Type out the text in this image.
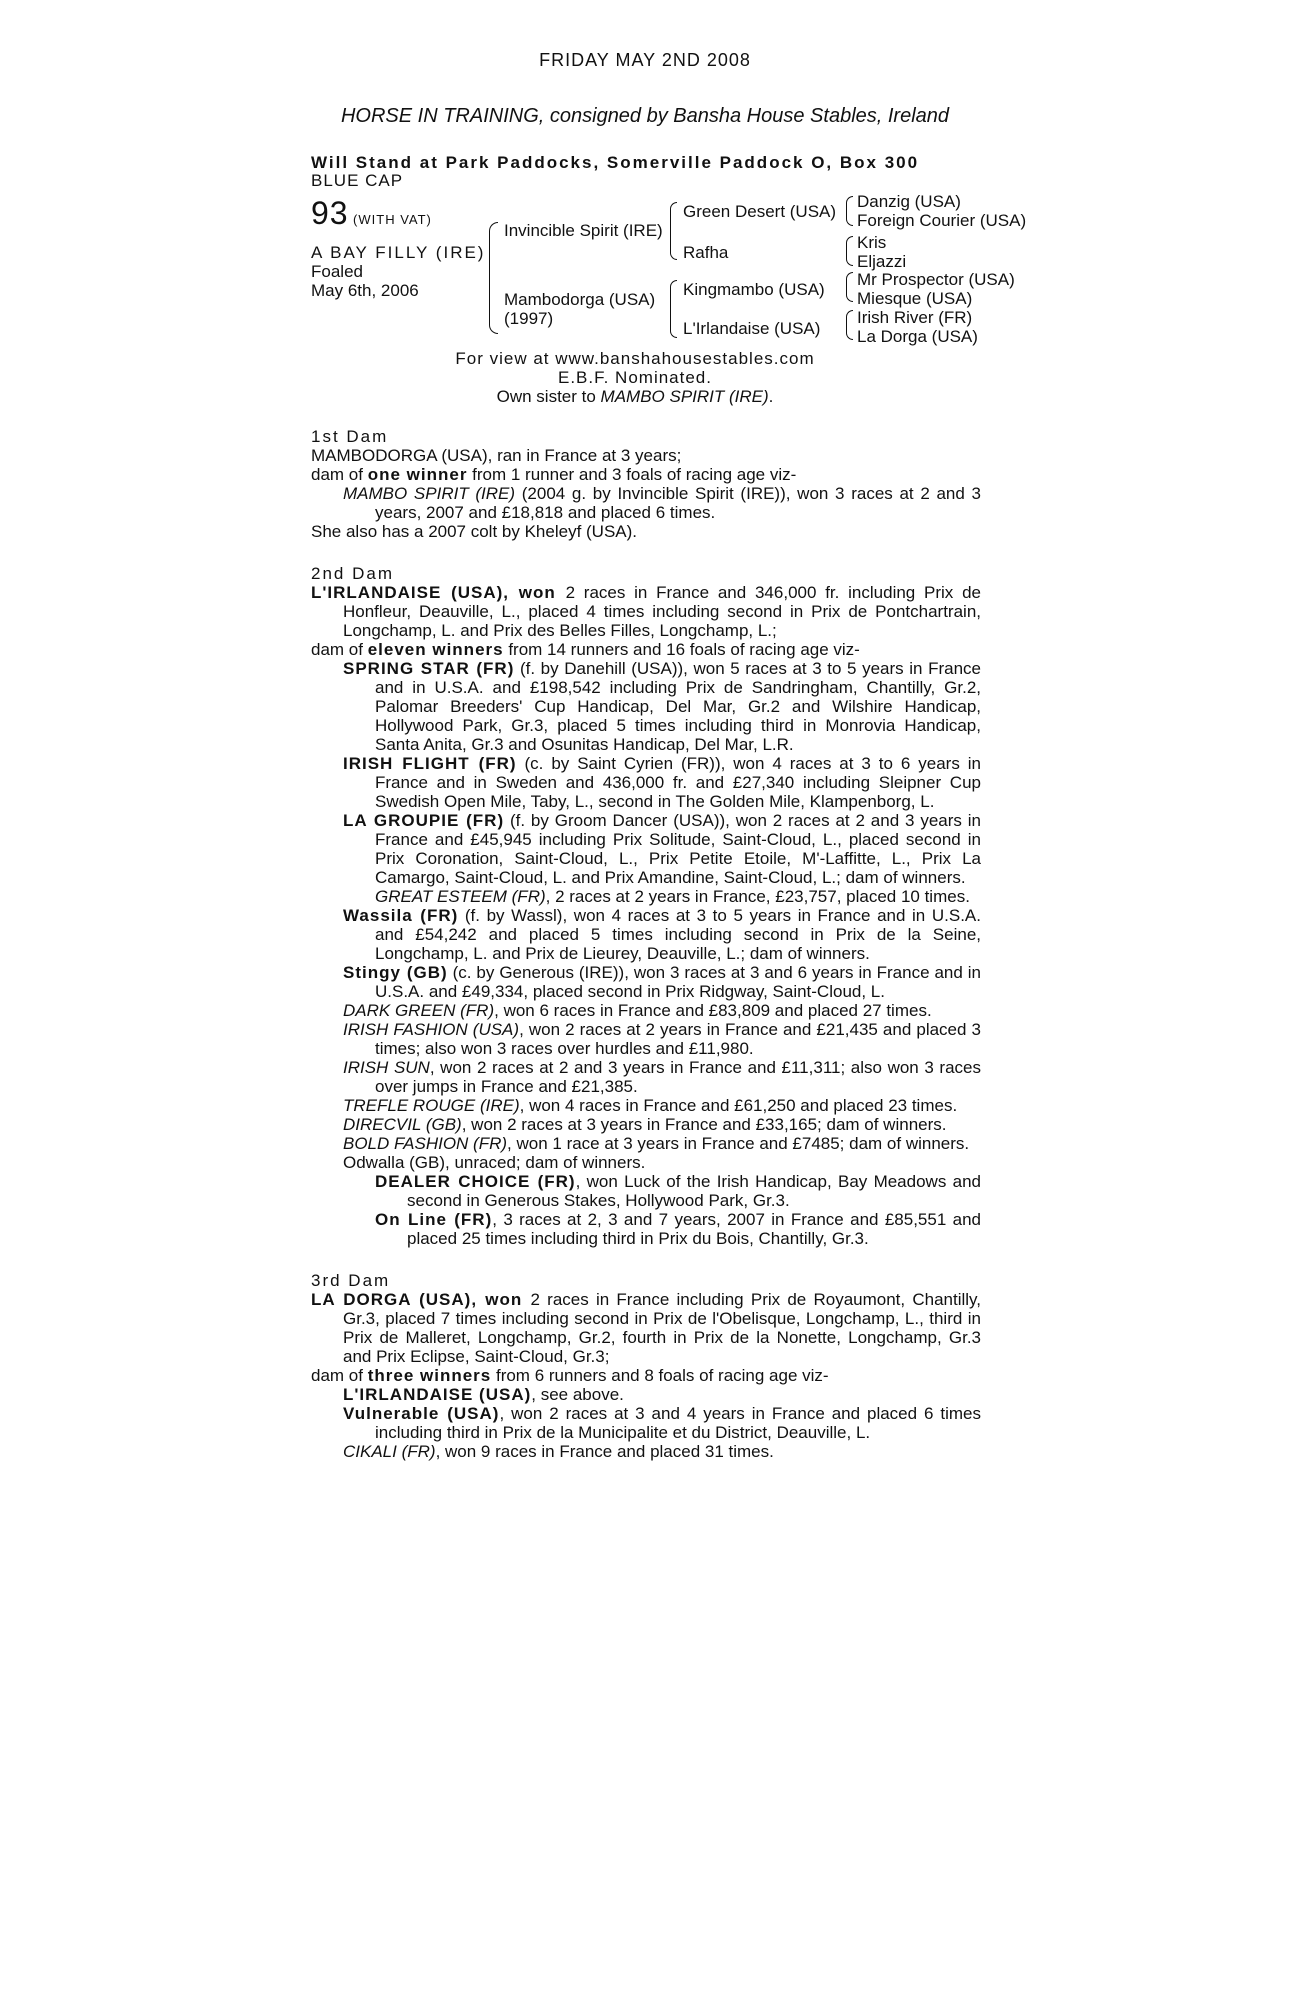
FRIDAY MAY 2ND 2008
HORSE IN TRAINING, consigned by Bansha House Stables, Ireland
Will Stand at Park Paddocks, Somerville Paddock O, Box 300
BLUE CAP
93 (WITH VAT)
A BAY FILLY (IRE)
Foaled
May 6th, 2006
Invincible Spirit (IRE)
Mambodorga (USA)
(1997)
Green Desert (USA)
Rafha
Kingmambo (USA)
L'Irlandaise (USA)
Danzig (USA)
Foreign Courier (USA)
Kris
Eljazzi
Mr Prospector (USA)
Miesque (USA)
Irish River (FR)
La Dorga (USA)
For view at www.banshahousestables.com
E.B.F. Nominated.
Own sister to MAMBO SPIRIT (IRE).

1st Dam

MAMBODORGA (USA), ran in France at 3 years;

dam of one winner from 1 runner and 3 foals of racing age viz-

MAMBO SPIRIT (IRE) (2004 g. by Invincible Spirit (IRE)), won 3 races at 2 and 3 years, 2007 and £18,818 and placed 6 times.

She also has a 2007 colt by Kheleyf (USA).

2nd Dam

L'IRLANDAISE (USA), won 2 races in France and 346,000 fr. including Prix de Honfleur, Deauville, L., placed 4 times including second in Prix de Pontchartrain, Longchamp, L. and Prix des Belles Filles, Longchamp, L.;

dam of eleven winners from 14 runners and 16 foals of racing age viz-

SPRING STAR (FR) (f. by Danehill (USA)), won 5 races at 3 to 5 years in France and in U.S.A. and £198,542 including Prix de Sandringham, Chantilly, Gr.2, Palomar Breeders' Cup Handicap, Del Mar, Gr.2 and Wilshire Handicap, Hollywood Park, Gr.3, placed 5 times including third in Monrovia Handicap, Santa Anita, Gr.3 and Osunitas Handicap, Del Mar, L.R.

IRISH FLIGHT (FR) (c. by Saint Cyrien (FR)), won 4 races at 3 to 6 years in France and in Sweden and 436,000 fr. and £27,340 including Sleipner Cup Swedish Open Mile, Taby, L., second in The Golden Mile, Klampenborg, L.

LA GROUPIE (FR) (f. by Groom Dancer (USA)), won 2 races at 2 and 3 years in France and £45,945 including Prix Solitude, Saint-Cloud, L., placed second in Prix Coronation, Saint-Cloud, L., Prix Petite Etoile, M'-Laffitte, L., Prix La Camargo, Saint-Cloud, L. and Prix Amandine, Saint-Cloud, L.; dam of winners.

GREAT ESTEEM (FR), 2 races at 2 years in France, £23,757, placed 10 times.

Wassila (FR) (f. by Wassl), won 4 races at 3 to 5 years in France and in U.S.A. and £54,242 and placed 5 times including second in Prix de la Seine, Longchamp, L. and Prix de Lieurey, Deauville, L.; dam of winners.

Stingy (GB) (c. by Generous (IRE)), won 3 races at 3 and 6 years in France and in U.S.A. and £49,334, placed second in Prix Ridgway, Saint-Cloud, L.

DARK GREEN (FR), won 6 races in France and £83,809 and placed 27 times.

IRISH FASHION (USA), won 2 races at 2 years in France and £21,435 and placed 3 times; also won 3 races over hurdles and £11,980.

IRISH SUN, won 2 races at 2 and 3 years in France and £11,311; also won 3 races over jumps in France and £21,385.

TREFLE ROUGE (IRE), won 4 races in France and £61,250 and placed 23 times.

DIRECVIL (GB), won 2 races at 3 years in France and £33,165; dam of winners.

BOLD FASHION (FR), won 1 race at 3 years in France and £7485; dam of winners.

Odwalla (GB), unraced; dam of winners.

DEALER CHOICE (FR), won Luck of the Irish Handicap, Bay Meadows and second in Generous Stakes, Hollywood Park, Gr.3.

On Line (FR), 3 races at 2, 3 and 7 years, 2007 in France and £85,551 and placed 25 times including third in Prix du Bois, Chantilly, Gr.3.

3rd Dam

LA DORGA (USA), won 2 races in France including Prix de Royaumont, Chantilly, Gr.3, placed 7 times including second in Prix de l'Obelisque, Longchamp, L., third in Prix de Malleret, Longchamp, Gr.2, fourth in Prix de la Nonette, Longchamp, Gr.3 and Prix Eclipse, Saint-Cloud, Gr.3;

dam of three winners from 6 runners and 8 foals of racing age viz-

L'IRLANDAISE (USA), see above.

Vulnerable (USA), won 2 races at 3 and 4 years in France and placed 6 times including third in Prix de la Municipalite et du District, Deauville, L.

CIKALI (FR), won 9 races in France and placed 31 times.
